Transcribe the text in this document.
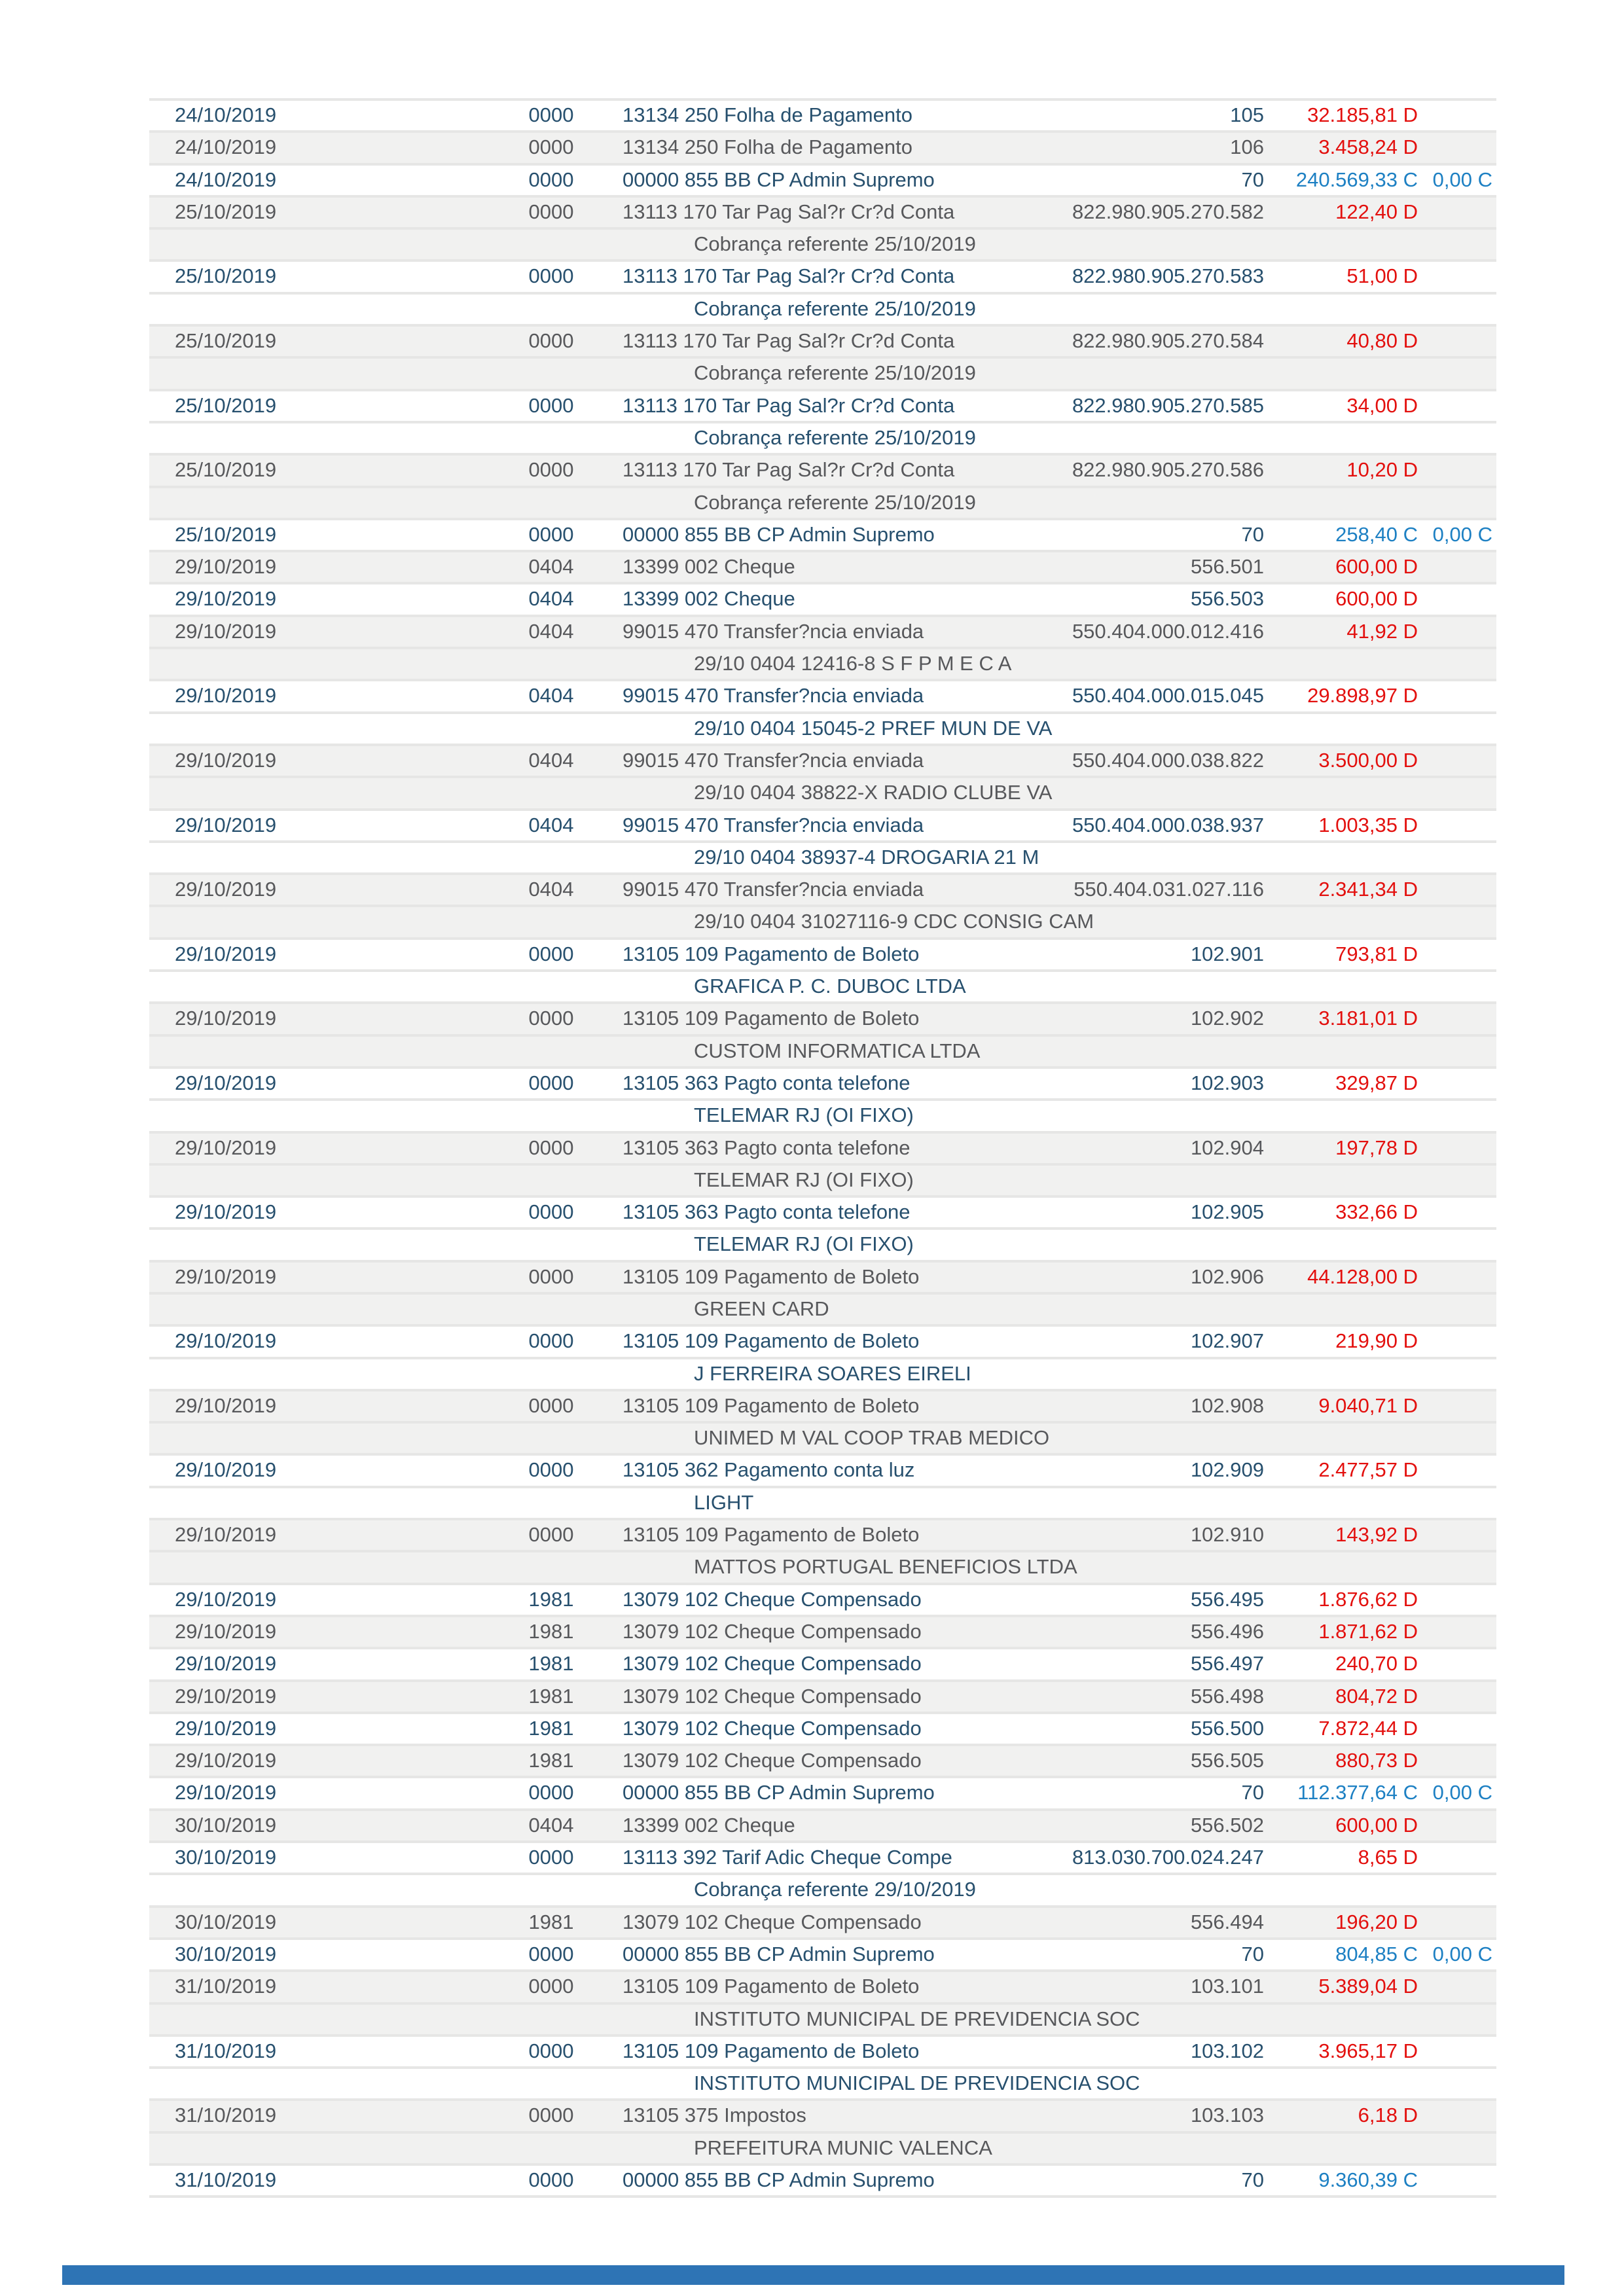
24/10/2019	0000 13134 250 Folha de Pagamento	105 32.185,81 D
24/10/2019	0000 13134 250 Folha de Pagamento	106	3.458,24 D
24/10/2019	0000 00000 855 BB CP Admin Supremo	70 240.569,33 C 0,00 C
25/10/2019	0000 13113 170 Tar Pag Sal?r Cr?d Conta	822.980.905.270.582	122,40 D
Cobrança referente 25/10/2019
25/10/2019	0000 13113 170 Tar Pag Sal?r Cr?d Conta	822.980.905.270.583	51,00 D
Cobrança referente 25/10/2019
25/10/2019	0000 13113 170 Tar Pag Sal?r Cr?d Conta	822.980.905.270.584	40,80 D
Cobrança referente 25/10/2019
25/10/2019	0000 13113 170 Tar Pag Sal?r Cr?d Conta	822.980.905.270.585	34,00 D
Cobrança referente 25/10/2019
25/10/2019	0000 13113 170 Tar Pag Sal?r Cr?d Conta	822.980.905.270.586	10,20 D
Cobrança referente 25/10/2019
25/10/2019	0000 00000 855 BB CP Admin Supremo	70	258,40 C 0,00 C
29/10/2019	0404 13399 002 Cheque	556.501	600,00 D
29/10/2019	0404 13399 002 Cheque	556.503	600,00 D
29/10/2019	0404 99015 470 Transfer?ncia enviada	550.404.000.012.416	41,92 D
29/10 0404 12416-8 S F P M E C A
29/10/2019	0404 99015 470 Transfer?ncia enviada	550.404.000.015.045 29.898,97 D
29/10 0404 15045-2 PREF MUN DE VA
29/10/2019	0404 99015 470 Transfer?ncia enviada	550.404.000.038.822	3.500,00 D
29/10 0404 38822-X RADIO CLUBE VA
29/10/2019	0404 99015 470 Transfer?ncia enviada	550.404.000.038.937	1.003,35 D
29/10 0404 38937-4 DROGARIA 21 M
29/10/2019	0404 99015 470 Transfer?ncia enviada	550.404.031.027.116	2.341,34 D
29/10 0404 31027116-9 CDC CONSIG CAM
29/10/2019	0000 13105 109 Pagamento de Boleto	102.901	793,81 D
GRAFICA P. C. DUBOC LTDA
29/10/2019	0000 13105 109 Pagamento de Boleto	102.902	3.181,01 D
CUSTOM INFORMATICA LTDA
29/10/2019	0000 13105 363 Pagto conta telefone	102.903	329,87 D
TELEMAR RJ (OI FIXO)
29/10/2019	0000 13105 363 Pagto conta telefone	102.904	197,78 D
TELEMAR RJ (OI FIXO)
29/10/2019	0000 13105 363 Pagto conta telefone	102.905	332,66 D
TELEMAR RJ (OI FIXO)
29/10/2019	0000 13105 109 Pagamento de Boleto	102.906 44.128,00 D
GREEN CARD
29/10/2019	0000 13105 109 Pagamento de Boleto	102.907	219,90 D
J FERREIRA SOARES EIRELI
29/10/2019	0000 13105 109 Pagamento de Boleto	102.908	9.040,71 D
UNIMED M VAL COOP TRAB MEDICO
29/10/2019	0000 13105 362 Pagamento conta luz	102.909	2.477,57 D
LIGHT
29/10/2019	0000 13105 109 Pagamento de Boleto	102.910	143,92 D
MATTOS PORTUGAL BENEFICIOS LTDA
29/10/2019	1981 13079 102 Cheque Compensado	556.495	1.876,62 D
29/10/2019	1981 13079 102 Cheque Compensado	556.496	1.871,62 D
29/10/2019	1981 13079 102 Cheque Compensado	556.497	240,70 D
29/10/2019	1981 13079 102 Cheque Compensado	556.498	804,72 D
29/10/2019	1981 13079 102 Cheque Compensado	556.500	7.872,44 D
29/10/2019	1981 13079 102 Cheque Compensado	556.505	880,73 D
29/10/2019	0000 00000 855 BB CP Admin Supremo	70 112.377,64 C 0,00 C
30/10/2019	0404 13399 002 Cheque	556.502	600,00 D
30/10/2019	0000 13113 392 Tarif Adic Cheque Compe	813.030.700.024.247	8,65 D
Cobrança referente 29/10/2019
30/10/2019	1981 13079 102 Cheque Compensado	556.494	196,20 D
30/10/2019	0000 00000 855 BB CP Admin Supremo	70	804,85 C 0,00 C
31/10/2019	0000 13105 109 Pagamento de Boleto	103.101	5.389,04 D
INSTITUTO MUNICIPAL DE PREVIDENCIA SOC
31/10/2019	0000 13105 109 Pagamento de Boleto	103.102	3.965,17 D
INSTITUTO MUNICIPAL DE PREVIDENCIA SOC
31/10/2019	0000 13105 375 Impostos	103.103	6,18 D
PREFEITURA MUNIC VALENCA
31/10/2019	0000 00000 855 BB CP Admin Supremo	70	9.360,39 C
